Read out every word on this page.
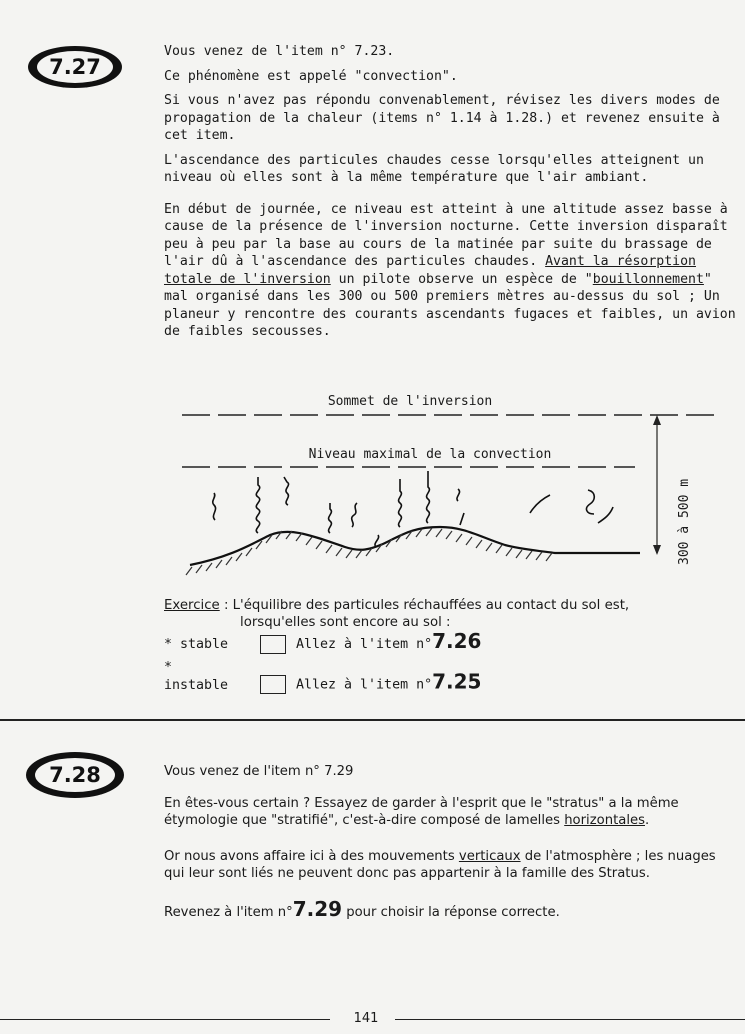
7.27

Vous venez de l'item n° 7.23.

Ce phénomène est appelé "convection".

Si vous n'avez pas répondu convenablement, révisez les divers modes de propagation de la chaleur (items n° 1.14 à 1.28.) et revenez ensuite à cet item.

L'ascendance des particules chaudes cesse lorsqu'elles atteignent un niveau où elles sont à la même température que l'air ambiant.

En début de journée, ce niveau est atteint à une altitude assez basse à cause de la présence de l'inversion nocturne. Cette inversion disparaît peu à peu par la base au cours de la matinée par suite du brassage de l'air dû à l'ascendance des particules chaudes. Avant la résorption totale de l'inversion un pilote observe un espèce de "bouillonnement" mal organisé dans les 300 ou 500 premiers mètres au-dessus du sol ; Un planeur y rencontre des courants ascendants fugaces et faibles, un avion de faibles secousses.

Sommet de l'inversion
Niveau maximal de la convection
300 à 500 m
Exercice : L'équilibre des particules réchauffées au contact du sol est,
lorsqu'elles sont encore au sol :
* stable	Allez à l'item n°7.26
* instable	Allez à l'item n°7.25
7.28	Vous venez de l'item n° 7.29

En êtes-vous certain ? Essayez de garder à l'esprit que le "stratus" a la même étymologie que "stratifié", c'est-à-dire composé de lamelles horizontales.

Or nous avons affaire ici à des mouvements verticaux de l'atmosphère ; les nuages qui leur sont liés ne peuvent donc pas appartenir à la famille des Stratus.

Revenez à l'item n°7.29 pour choisir la réponse correcte.

141
